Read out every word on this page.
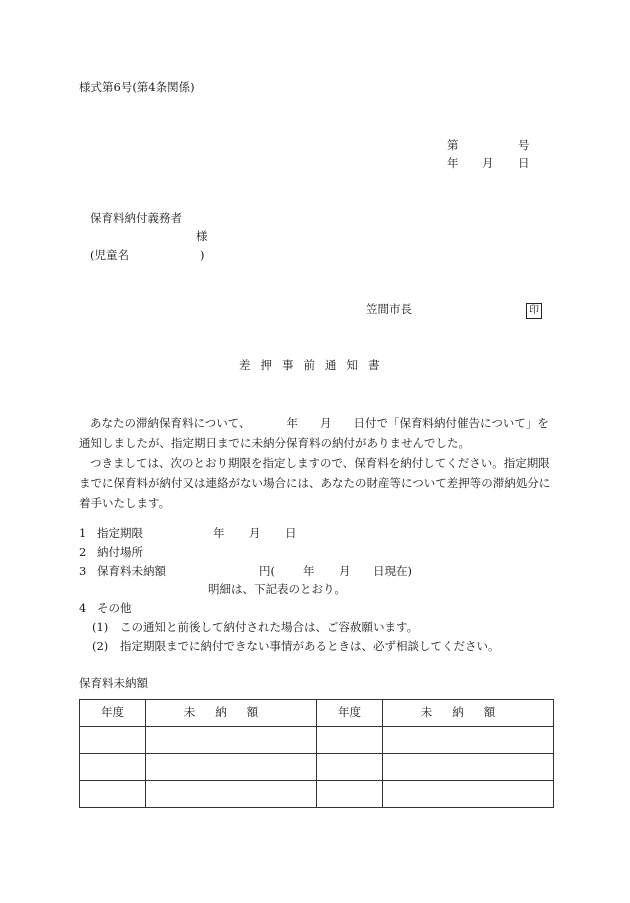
様式第6号(第4条関係)
第	号
年 月 日
保育料納付義務者
様
(児童名	)
笠間市長	印
差押事前通知書

あなたの滞納保育料について、	年 月 日付で「保育料納付催告について」を通知しましたが、指定期日までに未納分保育料の納付がありませんでした。

つきましては、次のとおり期限を指定しますので、保育料を納付してください。指定期限までに保育料が納付又は連絡がない場合には、あなたの財産等について差押等の滞納処分に着手いたします。

1 指定期限	年 月 日
2 納付場所
3 保育料未納額	円( 年 月 日現在)
明細は、下記表のとおり。
4 その他
(1) この通知と前後して納付された場合は、ご容赦願います。
(2) 指定期限までに納付できない事情があるときは、必ず相談してください。
保育料未納額
年度	未納額	年度	未納額
